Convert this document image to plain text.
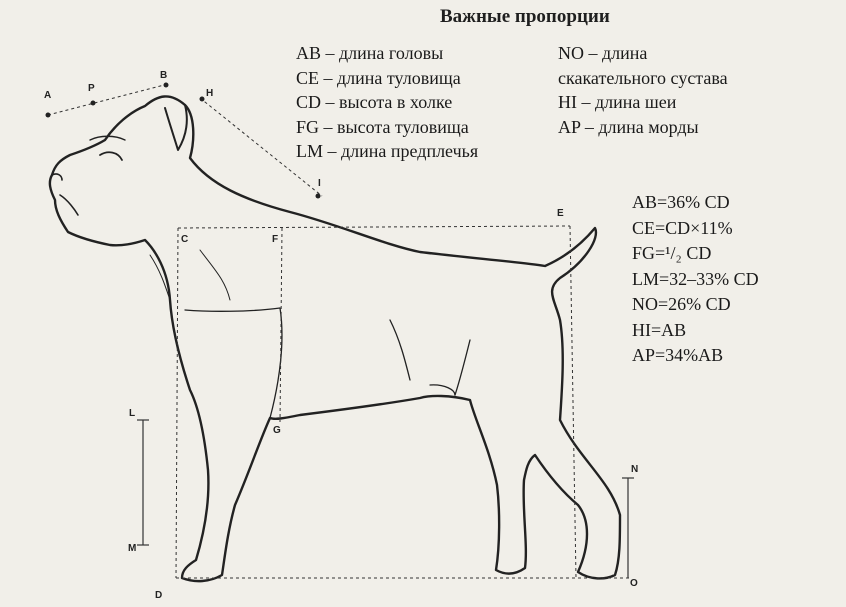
A
P
B
H
I
C	F
E
G
L
M
N
D
O
Важные пропорции
AB – длина головы
CE – длина туловища
CD – высота в холке
FG – высота туловища
LM – длина предплечья
NO – длина
скакательного сустава
HI – длина шеи
AP – длина морды
AB=36% CD
CE=CD×11%
FG=¹/₂ CD
LM=32–33% CD
NO=26% CD
HI=AB
AP=34%AB
